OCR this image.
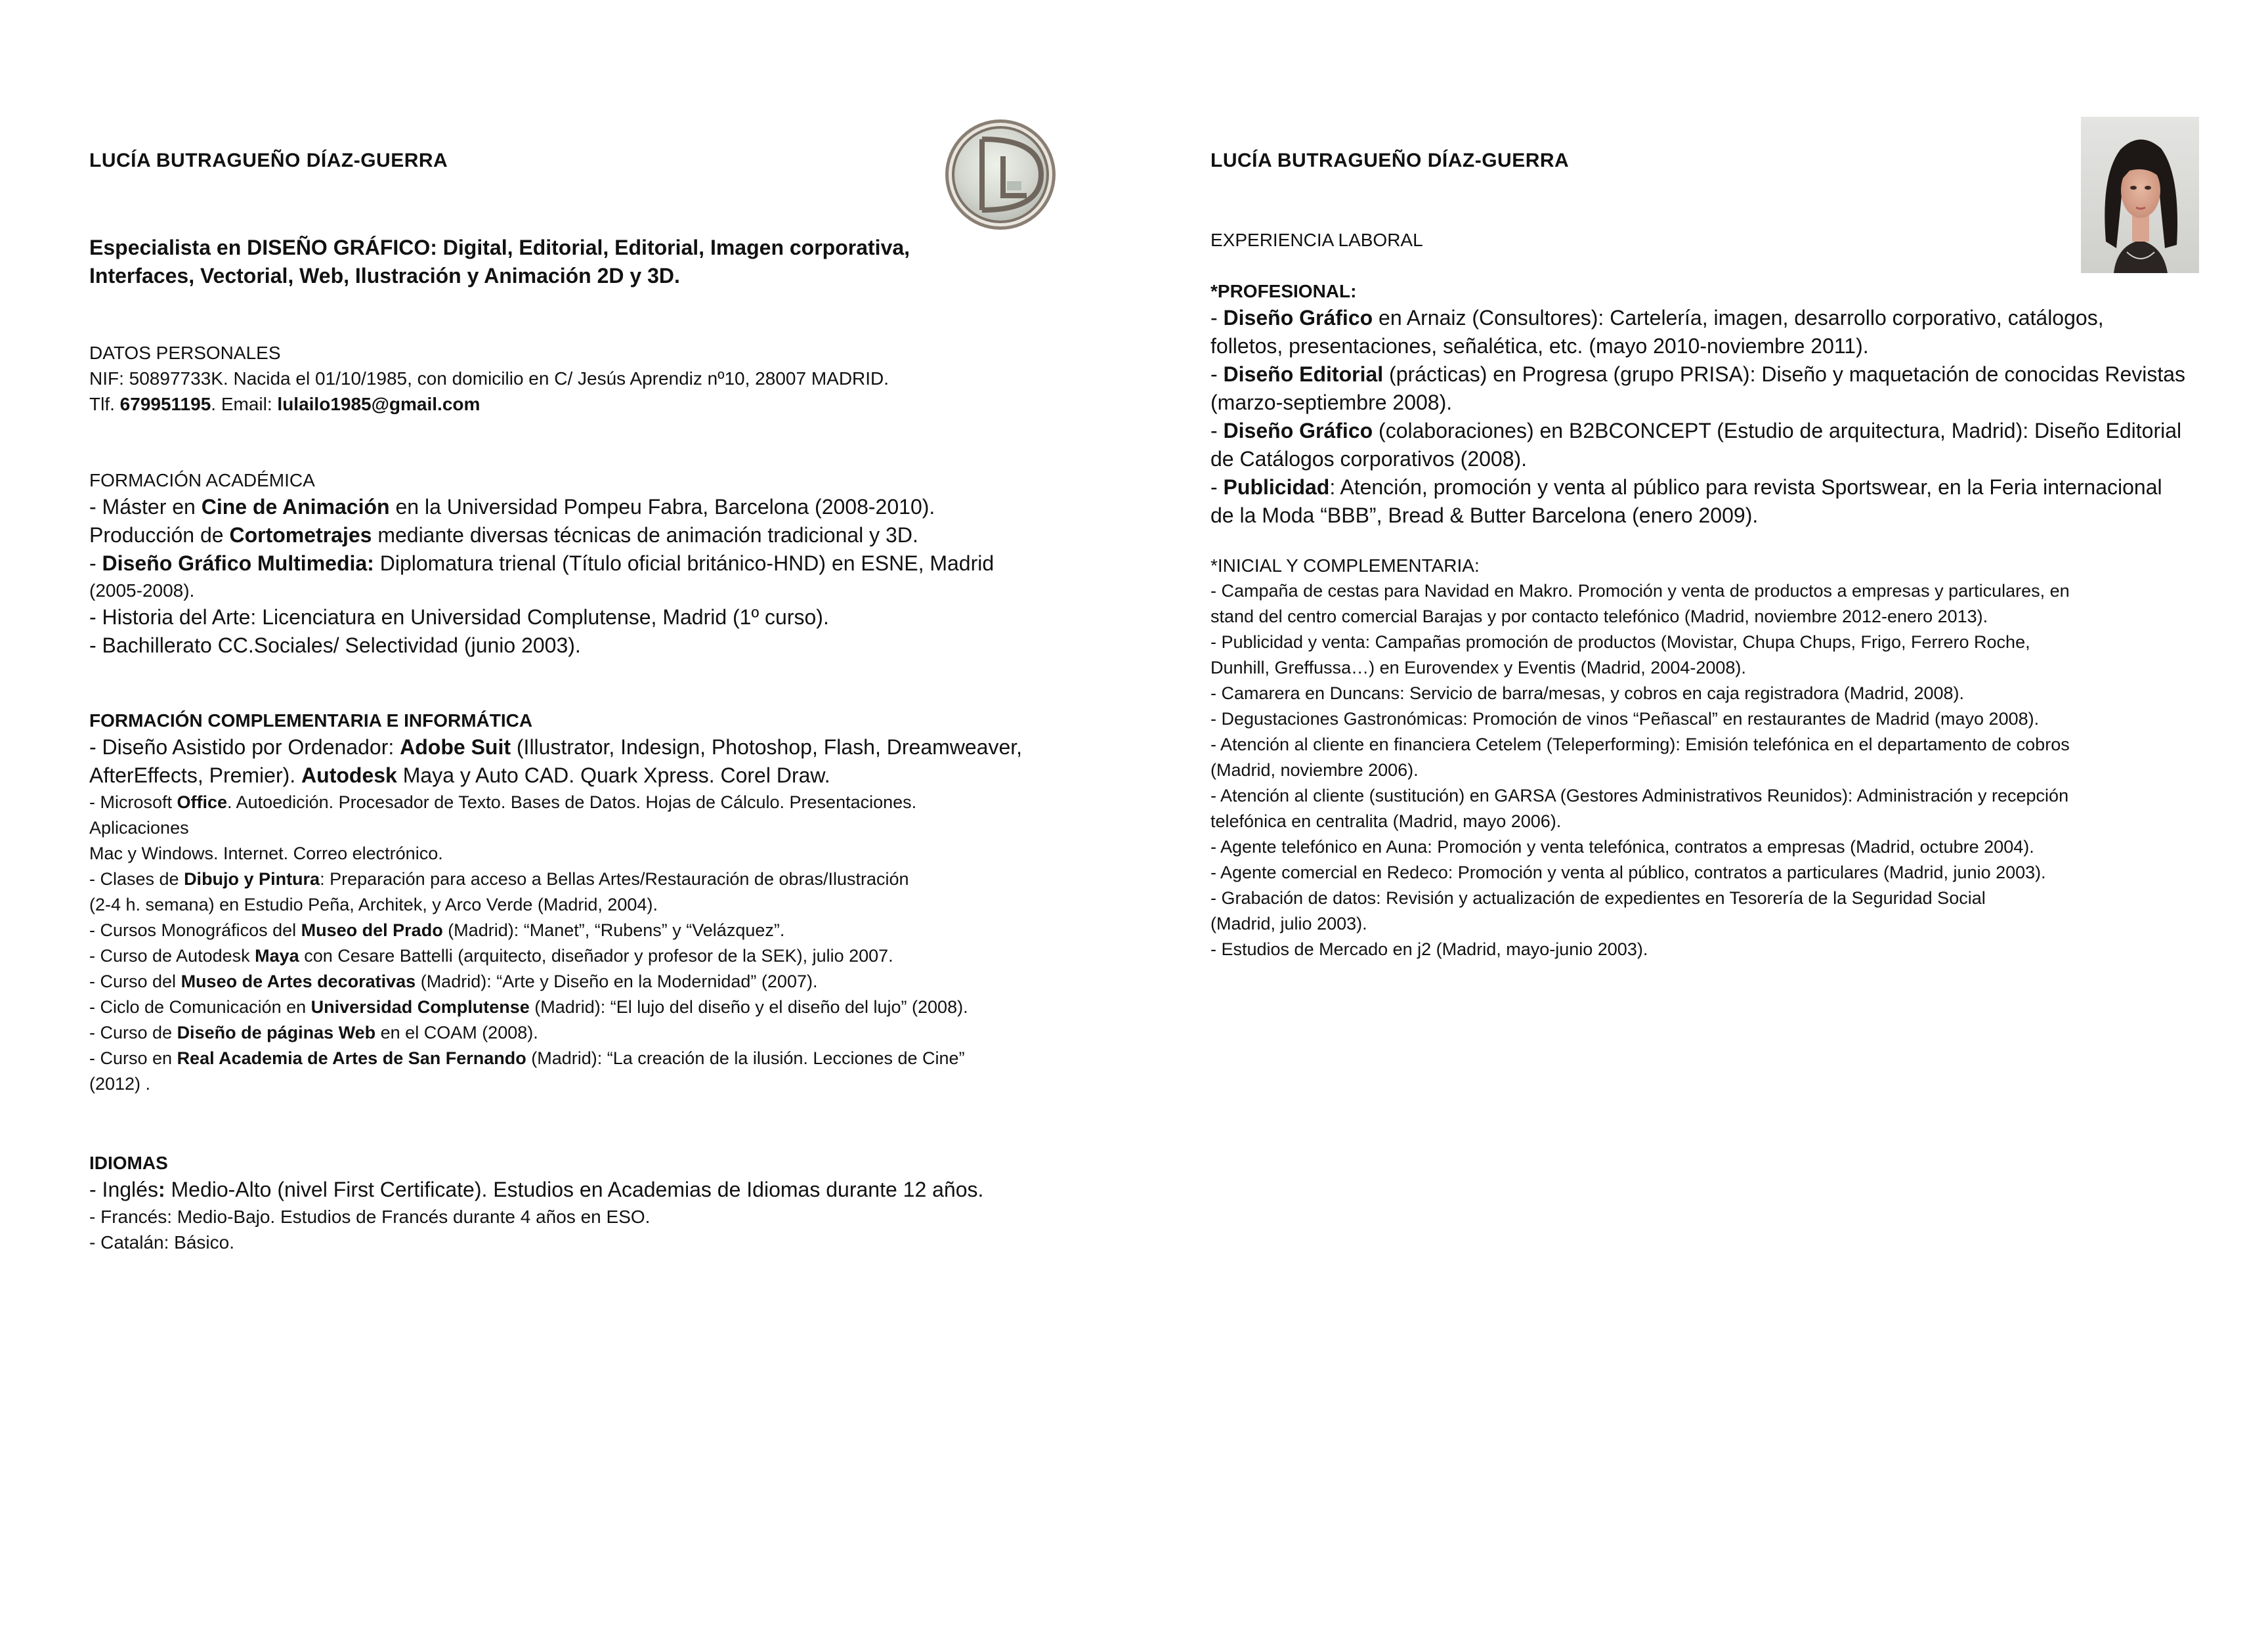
LUCÍA BUTRAGUEÑO DÍAZ-GUERRA
Especialista en DISEÑO GRÁFICO: Digital, Editorial, Editorial, Imagen corporativa,
Interfaces, Vectorial, Web, Ilustración y Animación 2D y 3D.
DATOS PERSONALES
NIF: 50897733K. Nacida el 01/10/1985, con domicilio en C/ Jesús Aprendiz nº10, 28007 MADRID.
Tlf. 679951195. Email: lulailo1985@gmail.com
FORMACIÓN ACADÉMICA
- Máster en Cine de Animación en la Universidad Pompeu Fabra, Barcelona (2008-2010).
Producción de Cortometrajes mediante diversas técnicas de animación tradicional y 3D.
- Diseño Gráfico Multimedia: Diplomatura trienal (Título oficial británico-HND) en ESNE, Madrid
(2005-2008).
- Historia del Arte: Licenciatura en Universidad Complutense, Madrid (1º curso).
- Bachillerato CC.Sociales/ Selectividad (junio 2003).
FORMACIÓN COMPLEMENTARIA E INFORMÁTICA
- Diseño Asistido por Ordenador: Adobe Suit (Illustrator, Indesign, Photoshop, Flash, Dreamweaver,
AfterEffects, Premier). Autodesk Maya y Auto CAD. Quark Xpress. Corel Draw.
- Microsoft Office. Autoedición. Procesador de Texto. Bases de Datos. Hojas de Cálculo. Presentaciones.
Aplicaciones
Mac y Windows. Internet. Correo electrónico.
- Clases de Dibujo y Pintura: Preparación para acceso a Bellas Artes/Restauración de obras/Ilustración
(2-4 h. semana) en Estudio Peña, Architek, y Arco Verde (Madrid, 2004).
- Cursos Monográficos del Museo del Prado (Madrid): “Manet”, “Rubens” y “Velázquez”.
- Curso de Autodesk Maya con Cesare Battelli (arquitecto, diseñador y profesor de la SEK), julio 2007.
- Curso del Museo de Artes decorativas (Madrid): “Arte y Diseño en la Modernidad” (2007).
- Ciclo de Comunicación en Universidad Complutense (Madrid): “El lujo del diseño y el diseño del lujo” (2008).
- Curso de Diseño de páginas Web en el COAM (2008).
- Curso en Real Academia de Artes de San Fernando (Madrid): “La creación de la ilusión. Lecciones de Cine”
(2012) .
IDIOMAS
- Inglés: Medio-Alto (nivel First Certificate). Estudios en Academias de Idiomas durante 12 años.
- Francés: Medio-Bajo. Estudios de Francés durante 4 años en ESO.
- Catalán: Básico.
LUCÍA BUTRAGUEÑO DÍAZ-GUERRA
EXPERIENCIA LABORAL
*PROFESIONAL:
- Diseño Gráfico en Arnaiz (Consultores): Cartelería, imagen, desarrollo corporativo, catálogos,
folletos, presentaciones, señalética, etc. (mayo 2010-noviembre 2011).
- Diseño Editorial (prácticas) en Progresa (grupo PRISA): Diseño y maquetación de conocidas Revistas
(marzo-septiembre 2008).
- Diseño Gráfico (colaboraciones) en B2BCONCEPT (Estudio de arquitectura, Madrid): Diseño Editorial
de Catálogos corporativos (2008).
- Publicidad: Atención, promoción y venta al público para revista Sportswear, en la Feria internacional
de la Moda “BBB”, Bread & Butter Barcelona (enero 2009).
*INICIAL Y COMPLEMENTARIA:
- Campaña de cestas para Navidad en Makro. Promoción y venta de productos a empresas y particulares, en
stand del centro comercial Barajas y por contacto telefónico (Madrid, noviembre 2012-enero 2013).
- Publicidad y venta: Campañas promoción de productos (Movistar, Chupa Chups, Frigo, Ferrero Roche,
Dunhill, Greffussa…) en Eurovendex y Eventis (Madrid, 2004-2008).
- Camarera en Duncans: Servicio de barra/mesas, y cobros en caja registradora (Madrid, 2008).
- Degustaciones Gastronómicas: Promoción de vinos “Peñascal” en restaurantes de Madrid (mayo 2008).
- Atención al cliente en financiera Cetelem (Teleperforming): Emisión telefónica en el departamento de cobros
(Madrid, noviembre 2006).
- Atención al cliente (sustitución) en GARSA (Gestores Administrativos Reunidos): Administración y recepción
telefónica en centralita (Madrid, mayo 2006).
- Agente telefónico en Auna: Promoción y venta telefónica, contratos a empresas (Madrid, octubre 2004).
- Agente comercial en Redeco: Promoción y venta al público, contratos a particulares (Madrid, junio 2003).
- Grabación de datos: Revisión y actualización de expedientes en Tesorería de la Seguridad Social
(Madrid, julio 2003).
- Estudios de Mercado en j2 (Madrid, mayo-junio 2003).
